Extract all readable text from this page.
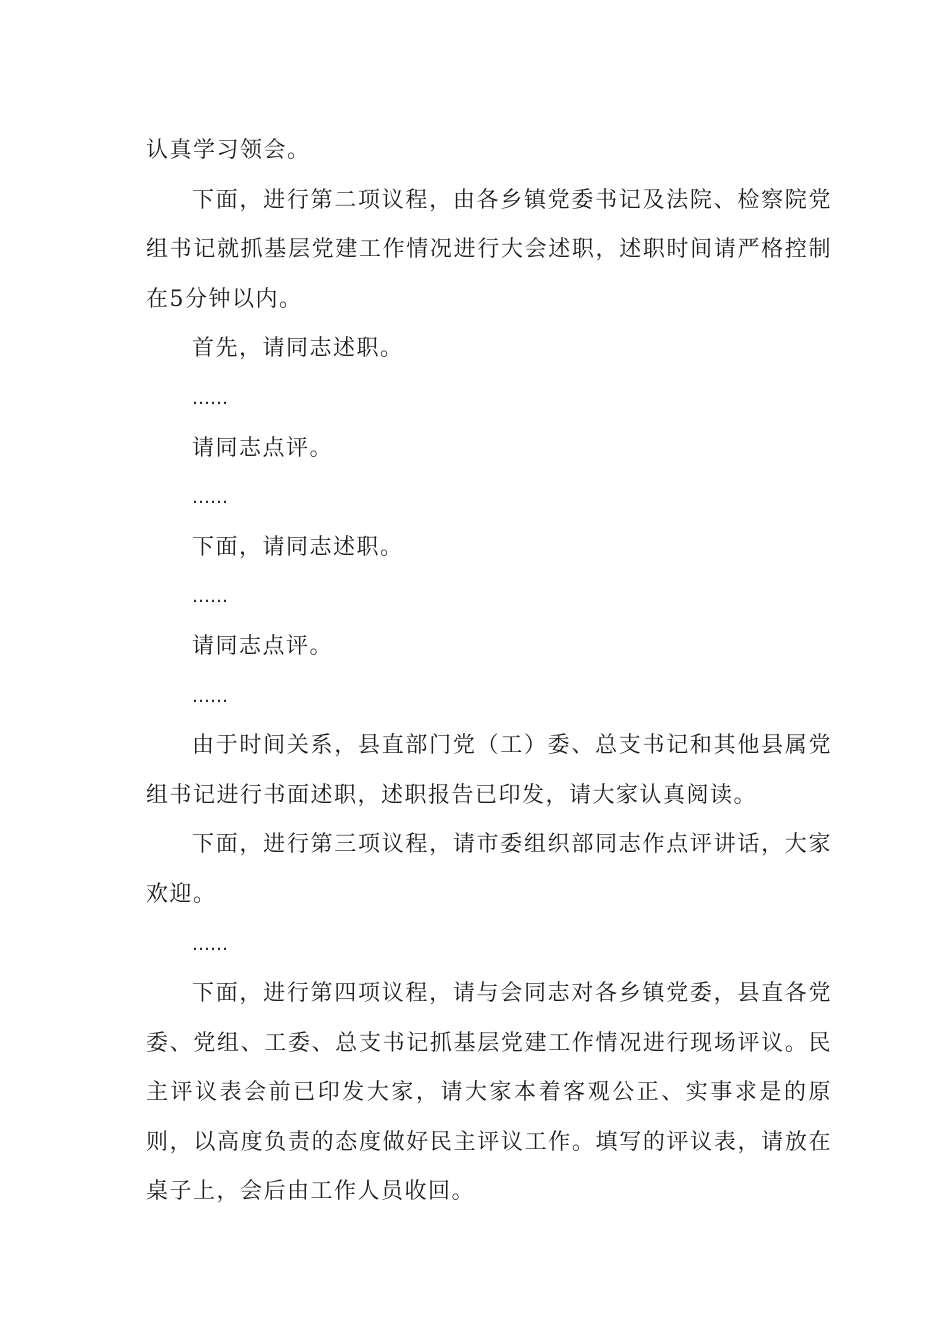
认真学习领会。

下面，进行第二项议程，由各乡镇党委书记及法院、检察院党组书记就抓基层党建工作情况进行大会述职，述职时间请严格控制在5分钟以内。

首先，请同志述职。

……

请同志点评。

……

下面，请同志述职。

……

请同志点评。

……

由于时间关系，县直部门党（工）委、总支书记和其他县属党组书记进行书面述职，述职报告已印发，请大家认真阅读。

下面，进行第三项议程，请市委组织部同志作点评讲话，大家欢迎。

……

下面，进行第四项议程，请与会同志对各乡镇党委，县直各党委、党组、工委、总支书记抓基层党建工作情况进行现场评议。民主评议表会前已印发大家，请大家本着客观公正、实事求是的原则，以高度负责的态度做好民主评议工作。填写的评议表，请放在桌子上，会后由工作人员收回。
